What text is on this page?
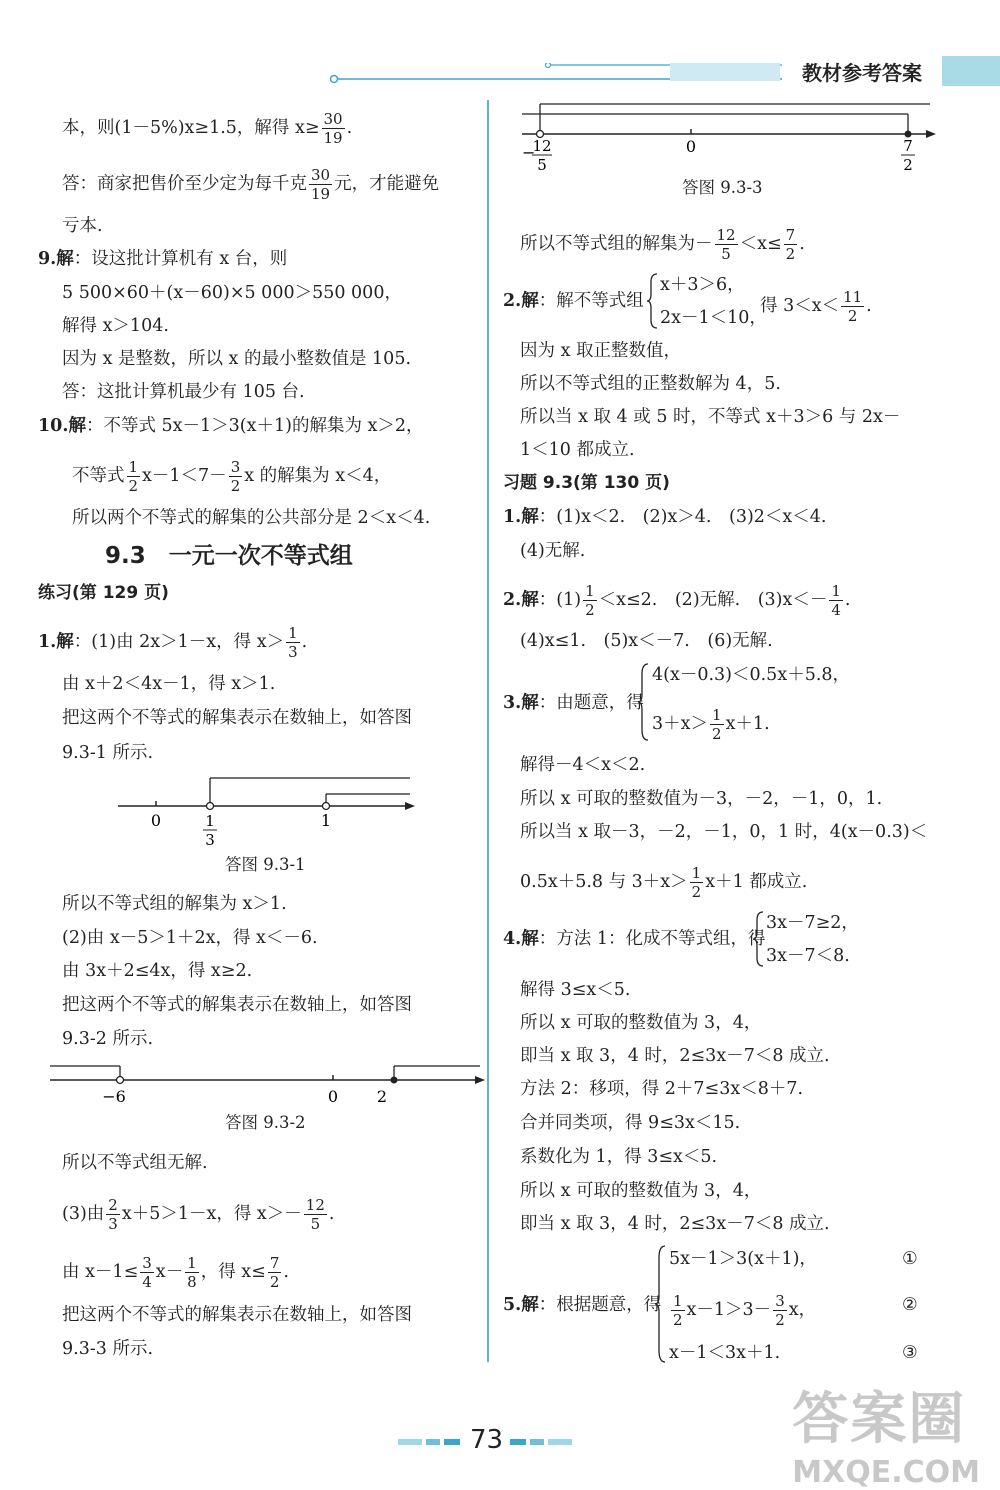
教材参考答案
本，则(1－5%)x≥1.5，解得 $x\ge \frac{30}{19}$ .
答：商家把售价至少定为每千克 $\frac{30}{19}$ 元，才能避免
亏本.
9.解：设这批计算机有 x 台，则
5 500×60＋(x－60)×5 000＞550 000，
解得 x＞104.
因为 x 是整数，所以 x 的最小整数值是 105.
答：这批计算机最少有 105 台.
10.解：不等式 5x－1＞3(x＋1)的解集为 x＞2，
不等式 $\frac{1}{2} x-1<7- \frac{3}{2}$ x 的解集为 x＜4，
所以两个不等式的解集的公共部分是 2＜x＜4.
9.3　一元一次不等式组
练习(第 129 页)
1.解：(1)由 2x＞1－x，得 $x> \frac{1}{3}$ .
由 x＋2＜4x－1，得 x＞1.
把这两个不等式的解集表示在数轴上，如答图
9.3-1 所示.
0	1
3
1
答图 9.3-1
所以不等式组的解集为 x＞1.
(2)由 x－5＞1＋2x，得 x＜－6.
由 3x＋2≤4x，得 x≥2.
把这两个不等式的解集表示在数轴上，如答图
9.3-2 所示.
−6	0 2
答图 9.3-2
所以不等式组无解.
(3)由 $\frac{2}{3} x+5>1-x$，得 $x>- \frac{12}{5}$ .
由 $x-1\le \frac{3}{4} x- \frac{1}{8}$ ，得 $x\le \frac{7}{2}$ .
把这两个不等式的解集表示在数轴上，如答图
9.3-3 所示.
−
12
5
0	7
2
答图 9.3-3
所以不等式组的解集为－ $\frac{12}{5} <x\le \frac{7}{2}$ .
2.解：解不等式组
x＋3＞6，
2x－1＜10，
得 $3<x< \frac{11}{2}$ .
因为 x 取正整数值，
所以不等式组的正整数解为 4，5.
所以当 x 取 4 或 5 时，不等式 x＋3＞6 与 2x－
1＜10 都成立.
习题 9.3(第 130 页)
1.解：(1)x＜2.　(2)x＞4.　(3)2＜x＜4.
(4)无解.
2.解：$(1) \frac{1}{2} <x\le 2$.　(2)无解.　$(3)x<- \frac{1}{4}$ .
(4)x≤1.　(5)x＜－7.　(6)无解.
3.解：由题意，得
4(x－0.3)＜0.5x＋5.8，
$3+x> \frac{1}{2} x+1$.
解得－4＜x＜2.
所以 x 可取的整数值为－3，－2，－1，0，1.
所以当 x 取－3，－2，－1，0，1 时，4(x－0.3)＜
0.5x＋5.8 与 $3+x> \frac{1}{2} x+1$ 都成立.
4.解：方法 1：化成不等式组，得
3x－7≥2，
3x－7＜8.
解得 3≤x＜5.
所以 x 可取的整数值为 3，4，
即当 x 取 3，4 时，2≤3x－7＜8 成立.
方法 2：移项，得 2＋7≤3x＜8＋7.
合并同类项，得 9≤3x＜15.
系数化为 1，得 3≤x＜5.
所以 x 可取的整数值为 3，4，
即当 x 取 3，4 时，2≤3x－7＜8 成立.
5.解：根据题意，得
5x－1＞3(x＋1)，
$\frac{1}{2} x-1>3- \frac{3}{2}$ x，
x－1＜3x＋1.
①
②
③
73	答案圈
MXQE.COM
